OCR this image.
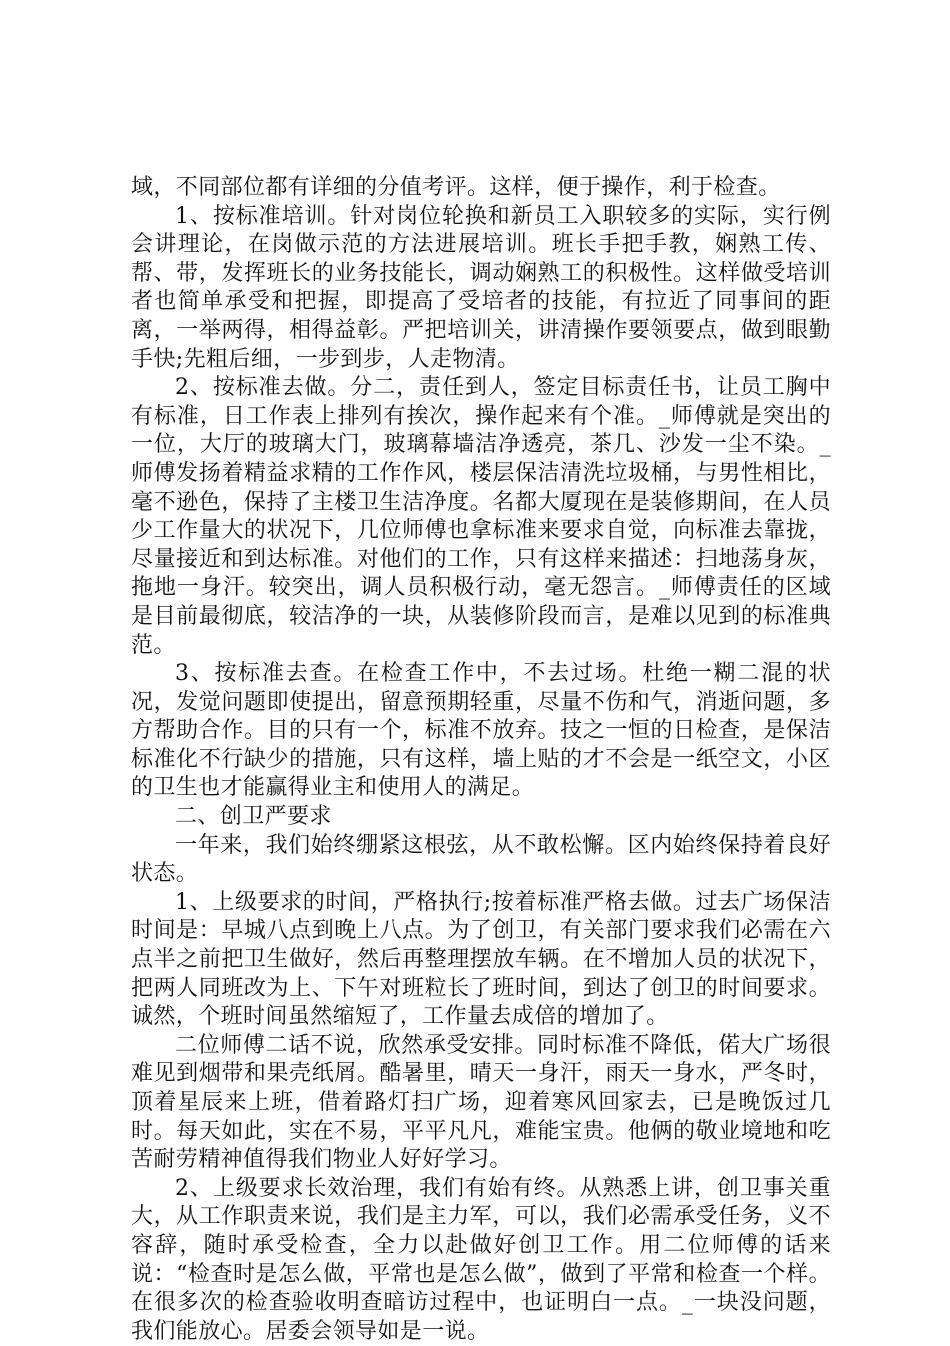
域，不同部位都有详细的分值考评。这样，便于操作，利于检查。

1、按标准培训。针对岗位轮换和新员工入职较多的实际，实行例会讲理论，在岗做示范的方法进展培训。班长手把手教，娴熟工传、帮、带，发挥班长的业务技能长，调动娴熟工的积极性。这样做受培训者也简单承受和把握，即提高了受培者的技能，有拉近了同事间的距离，一举两得，相得益彰。严把培训关，讲清操作要领要点，做到眼勤手快;先粗后细，一步到步，人走物清。

2、按标准去做。分二，责任到人，签定目标责任书，让员工胸中有标准，日工作表上排列有挨次，操作起来有个准。_师傅就是突出的一位，大厅的玻璃大门，玻璃幕墙洁净透亮，茶几、沙发一尘不染。_师傅发扬着精益求精的工作作风，楼层保洁清洗垃圾桶，与男性相比，毫不逊色，保持了主楼卫生洁净度。名都大厦现在是装修期间，在人员少工作量大的状况下，几位师傅也拿标准来要求自觉，向标准去靠拢，尽量接近和到达标准。对他们的工作，只有这样来描述：扫地荡身灰，拖地一身汗。较突出，调人员积极行动，毫无怨言。_师傅责任的区域是目前最彻底，较洁净的一块，从装修阶段而言，是难以见到的标准典范。

3、按标准去查。在检查工作中，不去过场。杜绝一糊二混的状况，发觉问题即使提出，留意预期轻重，尽量不伤和气，消逝问题，多方帮助合作。目的只有一个，标准不放弃。技之一恒的日检查，是保洁标准化不行缺少的措施，只有这样，墙上贴的才不会是一纸空文，小区的卫生也才能赢得业主和使用人的满足。

二、创卫严要求

一年来，我们始终绷紧这根弦，从不敢松懈。区内始终保持着良好状态。

1、上级要求的时间，严格执行;按着标准严格去做。过去广场保洁时间是：早城八点到晚上八点。为了创卫，有关部门要求我们必需在六点半之前把卫生做好，然后再整理摆放车辆。在不增加人员的状况下，把两人同班改为上、下午对班粒长了班时间，到达了创卫的时间要求。诚然，个班时间虽然缩短了，工作量去成倍的增加了。

二位师傅二话不说，欣然承受安排。同时标准不降低，偌大广场很难见到烟带和果壳纸屑。酷暑里，晴天一身汗，雨天一身水，严冬时，顶着星辰来上班，借着路灯扫广场，迎着寒风回家去，已是晚饭过几时。每天如此，实在不易，平平凡凡，难能宝贵。他俩的敬业境地和吃苦耐劳精神值得我们物业人好好学习。

2、上级要求长效治理，我们有始有终。从熟悉上讲，创卫事关重大，从工作职责来说，我们是主力军，可以，我们必需承受任务，义不容辞，随时承受检查，全力以赴做好创卫工作。用二位师傅的话来说：“检查时是怎么做，平常也是怎么做”，做到了平常和检查一个样。在很多次的检查验收明查暗访过程中，也证明白一点。_一块没问题，我们能放心。居委会领导如是一说。
